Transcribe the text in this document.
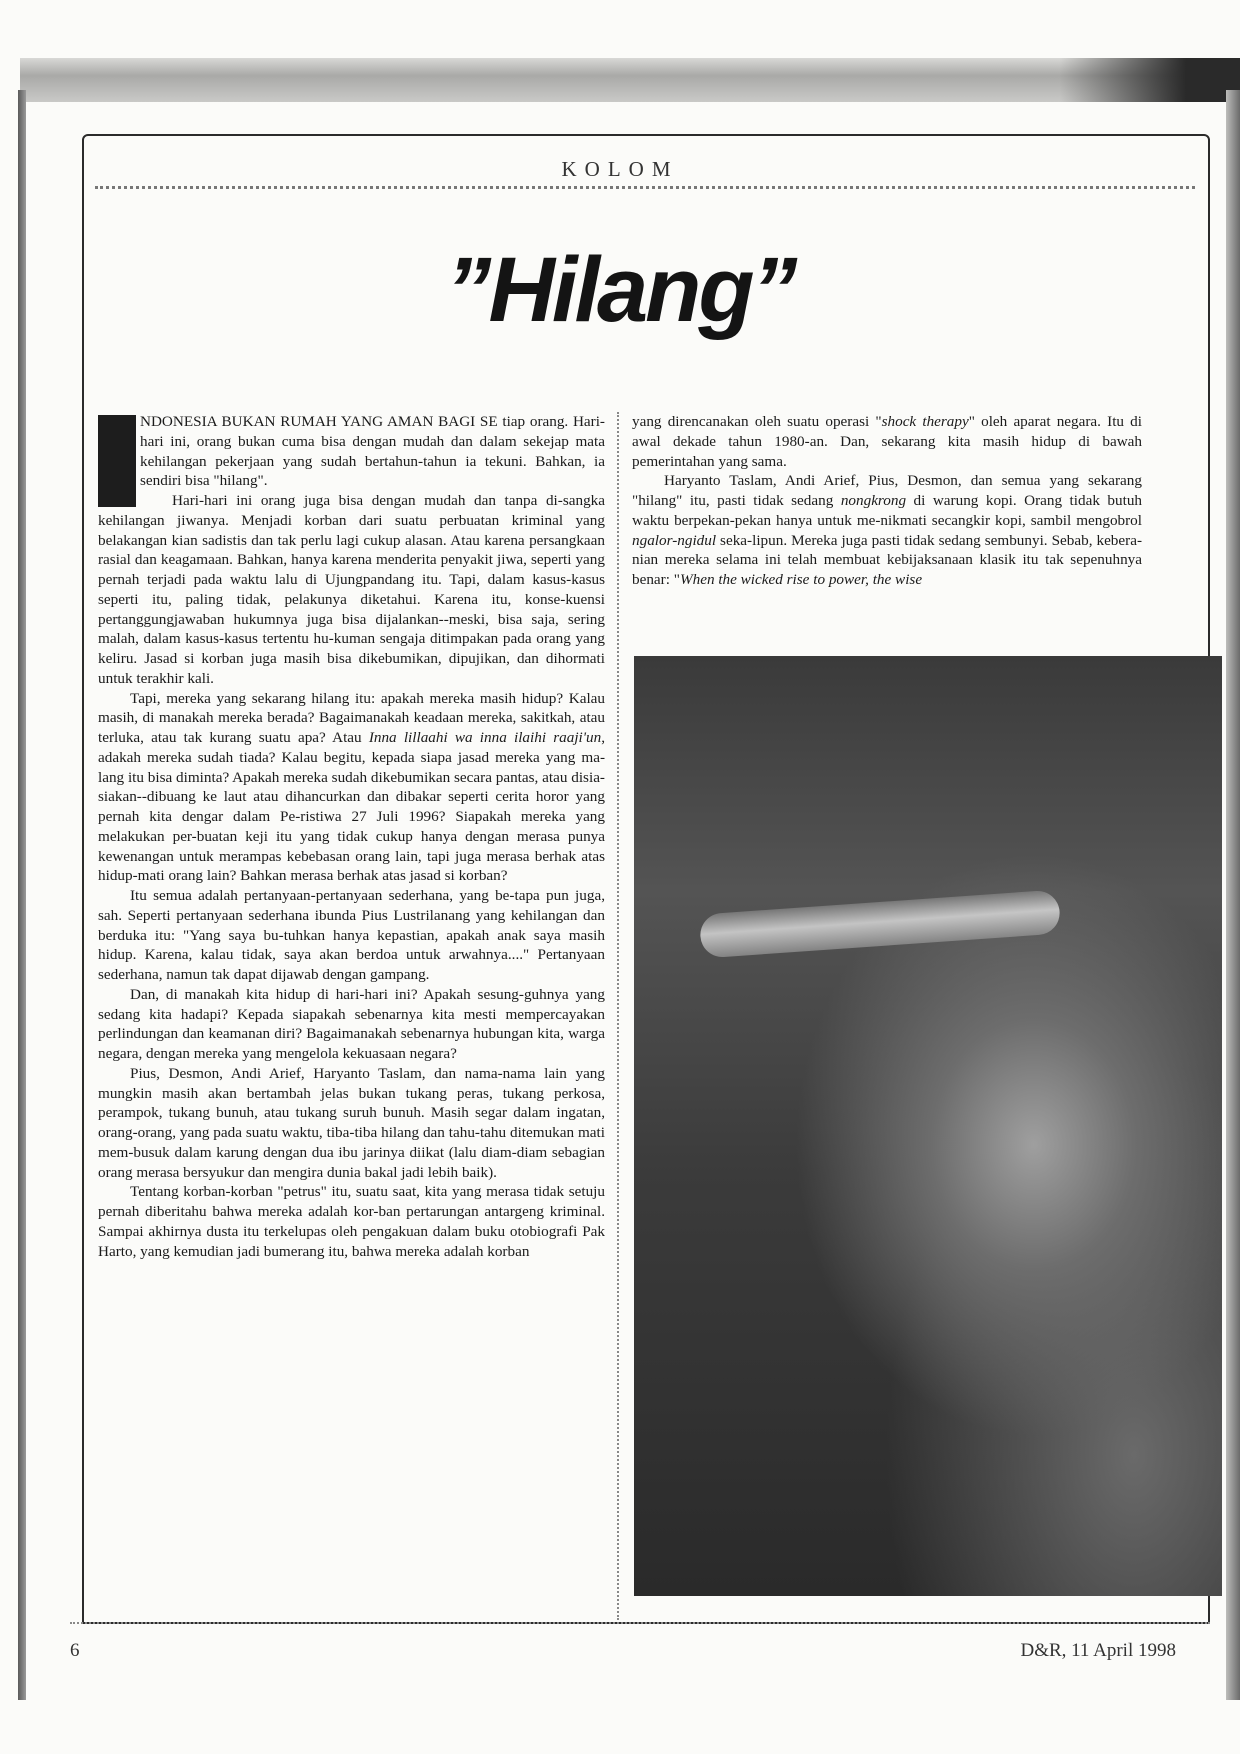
KOLOM
”Hilang”

NDONESIA BUKAN RUMAH YANG AMAN BAGI SE tiap orang. Hari-hari ini, orang bukan cuma bisa dengan mudah dan dalam sekejap mata kehilangan pekerjaan yang sudah bertahun-tahun ia tekuni. Bahkan, ia sendiri bisa "hilang".

Hari-hari ini orang juga bisa dengan mudah dan tanpa di-sangka kehilangan jiwanya. Menjadi korban dari suatu perbuatan kriminal yang belakangan kian sadistis dan tak perlu lagi cukup alasan. Atau karena persangkaan rasial dan keagamaan. Bahkan, hanya karena menderita penyakit jiwa, seperti yang pernah terjadi pada waktu lalu di Ujungpandang itu. Tapi, dalam kasus-kasus seperti itu, paling tidak, pelakunya diketahui. Karena itu, konse-kuensi pertanggungjawaban hukumnya juga bisa dijalankan--meski, bisa saja, sering malah, dalam kasus-kasus tertentu hu-kuman sengaja ditimpakan pada orang yang keliru. Jasad si korban juga masih bisa dikebumikan, dipujikan, dan dihormati untuk terakhir kali.

Tapi, mereka yang sekarang hilang itu: apakah mereka masih hidup? Kalau masih, di manakah mereka berada? Bagaimanakah keadaan mereka, sakitkah, atau terluka, atau tak kurang suatu apa? Atau Inna lillaahi wa inna ilaihi raaji'un, adakah mereka sudah tiada? Kalau begitu, kepada siapa jasad mereka yang ma-lang itu bisa diminta? Apakah mereka sudah dikebumikan secara pantas, atau disia-siakan--dibuang ke laut atau dihancurkan dan dibakar seperti cerita horor yang pernah kita dengar dalam Pe-ristiwa 27 Juli 1996? Siapakah mereka yang melakukan per-buatan keji itu yang tidak cukup hanya dengan merasa punya kewenangan untuk merampas kebebasan orang lain, tapi juga merasa berhak atas hidup-mati orang lain? Bahkan merasa berhak atas jasad si korban?

Itu semua adalah pertanyaan-pertanyaan sederhana, yang be-tapa pun juga, sah. Seperti pertanyaan sederhana ibunda Pius Lustrilanang yang kehilangan dan berduka itu: "Yang saya bu-tuhkan hanya kepastian, apakah anak saya masih hidup. Karena, kalau tidak, saya akan berdoa untuk arwahnya...." Pertanyaan sederhana, namun tak dapat dijawab dengan gampang.

Dan, di manakah kita hidup di hari-hari ini? Apakah sesung-guhnya yang sedang kita hadapi? Kepada siapakah sebenarnya kita mesti mempercayakan perlindungan dan keamanan diri? Bagaimanakah sebenarnya hubungan kita, warga negara, dengan mereka yang mengelola kekuasaan negara?

Pius, Desmon, Andi Arief, Haryanto Taslam, dan nama-nama lain yang mungkin masih akan bertambah jelas bukan tukang peras, tukang perkosa, perampok, tukang bunuh, atau tukang suruh bunuh. Masih segar dalam ingatan, orang-orang, yang pada suatu waktu, tiba-tiba hilang dan tahu-tahu ditemukan mati mem-busuk dalam karung dengan dua ibu jarinya diikat (lalu diam-diam sebagian orang merasa bersyukur dan mengira dunia bakal jadi lebih baik).

Tentang korban-korban "petrus" itu, suatu saat, kita yang merasa tidak setuju pernah diberitahu bahwa mereka adalah kor-ban pertarungan antargeng kriminal. Sampai akhirnya dusta itu terkelupas oleh pengakuan dalam buku otobiografi Pak Harto, yang kemudian jadi bumerang itu, bahwa mereka adalah korban

yang direncanakan oleh suatu operasi "shock therapy" oleh aparat negara. Itu di awal dekade tahun 1980-an. Dan, sekarang kita masih hidup di bawah pemerintahan yang sama.

Haryanto Taslam, Andi Arief, Pius, Desmon, dan semua yang sekarang "hilang" itu, pasti tidak sedang nongkrong di warung kopi. Orang tidak butuh waktu berpekan-pekan hanya untuk me-nikmati secangkir kopi, sambil mengobrol ngalor-ngidul seka-lipun. Mereka juga pasti tidak sedang sembunyi. Sebab, kebera-nian mereka selama ini telah membuat kebijaksanaan klasik itu tak sepenuhnya benar: "When the wicked rise to power, the wise

6	D&R, 11 April 1998
